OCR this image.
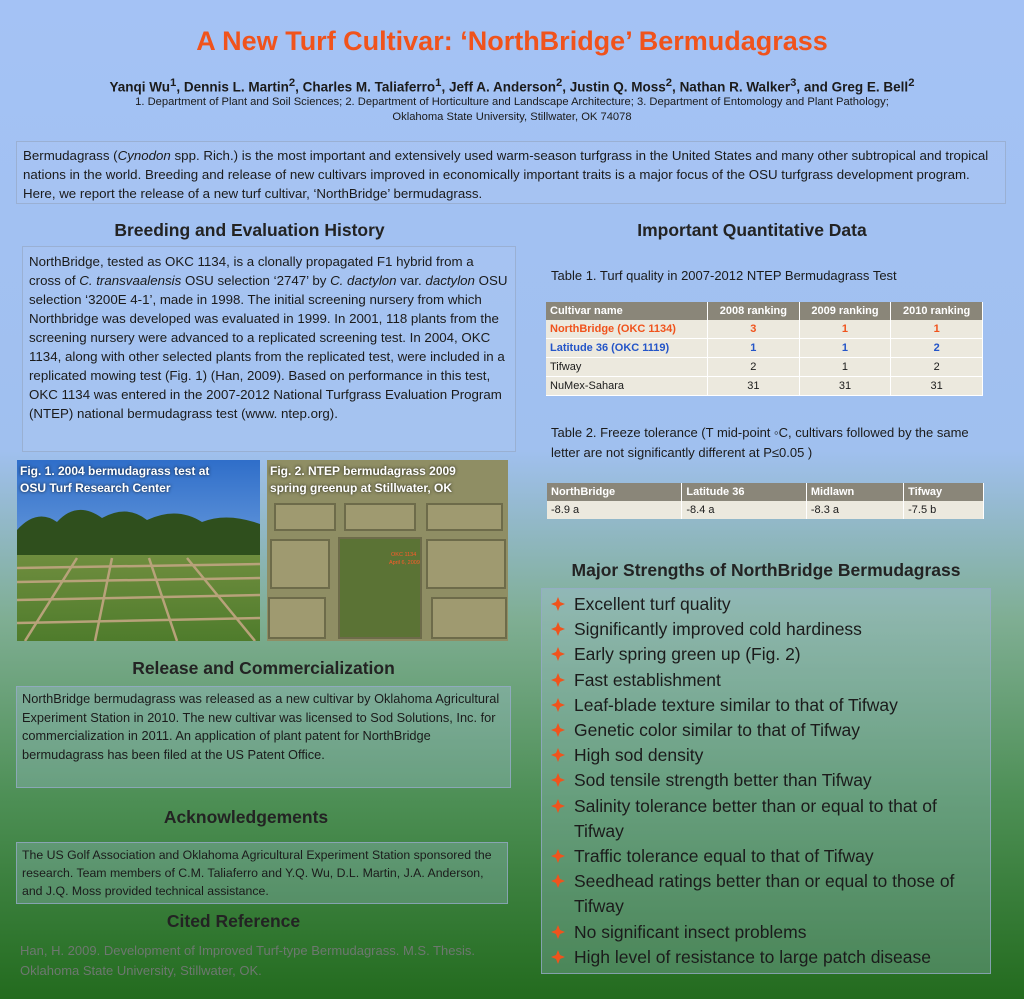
A New Turf Cultivar: ‘NorthBridge’ Bermudagrass
Yanqi Wu$^1$, Dennis L. Martin$^2$, Charles M. Taliaferro$^1$, Jeff A. Anderson$^2$, Justin Q. Moss$^2$, Nathan R. Walker$^3$, and Greg E. Bell$^2$
1. Department of Plant and Soil Sciences; 2. Department of Horticulture and Landscape Architecture; 3. Department of Entomology and Plant Pathology;
Oklahoma State University, Stillwater, OK 74078
Bermudagrass (Cynodon spp. Rich.) is the most important and extensively used warm-season turfgrass in the United States and many other subtropical and tropical nations in the world. Breeding and release of new cultivars improved in economically important traits is a major focus of the OSU turfgrass development program. Here, we report the release of a new turf cultivar, ‘NorthBridge’ bermudagrass.
Breeding and Evaluation History
NorthBridge, tested as OKC 1134, is a clonally propagated F1 hybrid from a cross of C. transvaalensis OSU selection ‘2747’ by C. dactylon var. dactylon OSU selection ‘3200E 4-1’, made in 1998. The initial screening nursery from which Northbridge was developed was evaluated in 1999. In 2001, 118 plants from the screening nursery were advanced to a replicated screening test. In 2004, OKC 1134, along with other selected plants from the replicated test, were included in a replicated mowing test (Fig. 1) (Han, 2009). Based on performance in this test, OKC 1134 was entered in the 2007-2012 National Turfgrass Evaluation Program (NTEP) national bermudagrass test (www. ntep.org).
Fig. 1. 2004 bermudagrass test at
OSU Turf Research Center
OKC 1134
April 6, 2009
Fig. 2. NTEP bermudagrass 2009
spring greenup at Stillwater, OK
Release and Commercialization
NorthBridge bermudagrass was released as a new cultivar by Oklahoma Agricultural Experiment Station in 2010. The new cultivar was licensed to Sod Solutions, Inc. for commercialization in 2011. An application of plant patent for NorthBridge bermudagrass has been filed at the US Patent Office.
Acknowledgements
The US Golf Association and Oklahoma Agricultural Experiment Station sponsored the research. Team members of C.M. Taliaferro and Y.Q. Wu, D.L. Martin, J.A. Anderson, and J.Q. Moss provided technical assistance.
Cited Reference
Han, H. 2009. Development of Improved Turf-type Bermudagrass. M.S. Thesis. Oklahoma State University, Stillwater, OK.
Important Quantitative Data
Table 1. Turf quality in 2007-2012 NTEP Bermudagrass Test
Cultivar name	2008 ranking	2009 ranking	2010 ranking
NorthBridge (OKC 1134)	3	1	1
Latitude 36 (OKC 1119)	1	1	2
Tifway	2	1	2
NuMex-Sahara	31	31	31
Table 2. Freeze tolerance (T mid-point ◦C, cultivars followed by the same letter are not significantly different at P≤0.05 )
NorthBridge	Latitude 36	Midlawn	Tifway
-8.9 a	-8.4 a	-8.3 a	-7.5 b
Major Strengths of NorthBridge Bermudagrass
Excellent turf quality
Significantly improved cold hardiness
Early spring green up (Fig. 2)
Fast establishment
Leaf-blade texture similar to that of Tifway
Genetic color similar to that of Tifway
High sod density
Sod tensile strength better than Tifway
Salinity tolerance better than or equal to that of Tifway
Traffic tolerance equal to that of Tifway
Seedhead ratings better than or equal to those of Tifway
No significant insect problems
High level of resistance to large patch disease
